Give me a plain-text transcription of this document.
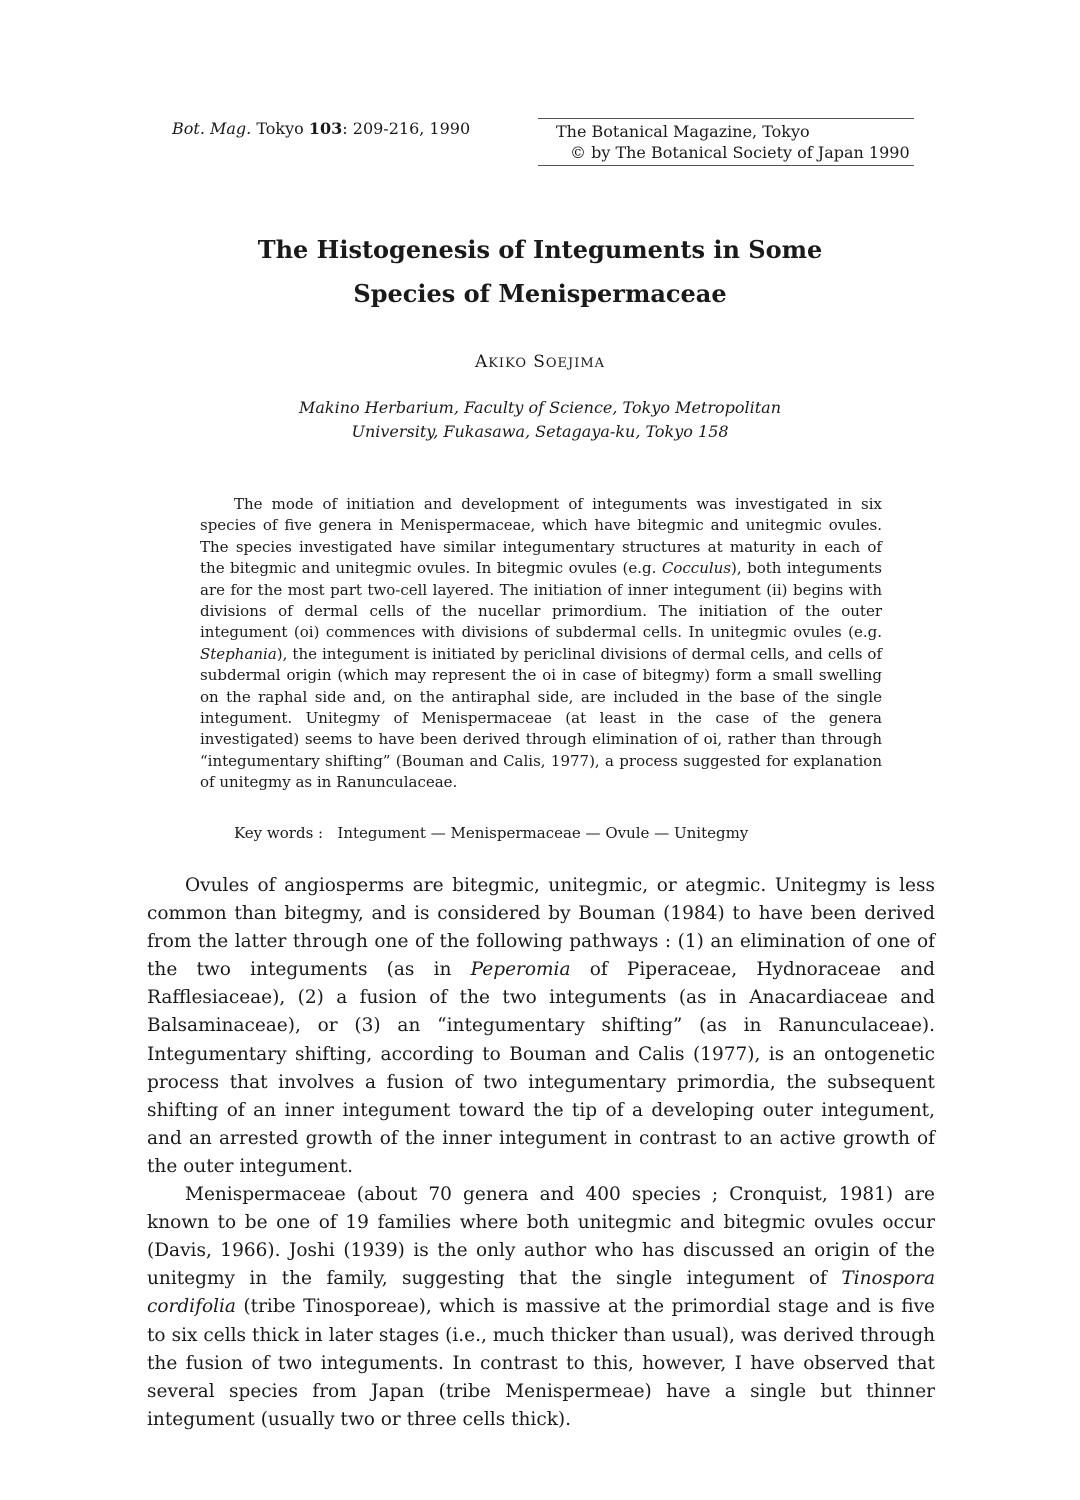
Bot. Mag. Tokyo 103: 209-216, 1990	The Botanical Magazine, Tokyo
© by The Botanical Society of Japan 1990
The Histogenesis of Integuments in Some
Species of Menispermaceae
AKIKO SOEJIMA
Makino Herbarium, Faculty of Science, Tokyo Metropolitan
University, Fukasawa, Setagaya-ku, Tokyo 158
The mode of initiation and development of integuments was investigated in six species of five genera in Menispermaceae, which have bitegmic and unitegmic ovules. The species investigated have similar integumentary structures at maturity in each of the bitegmic and unitegmic ovules. In bitegmic ovules (e.g. Cocculus), both integuments are for the most part two-cell layered. The initiation of inner integument (ii) begins with divisions of dermal cells of the nucellar primordium. The initiation of the outer integument (oi) commences with divisions of subdermal cells. In unitegmic ovules (e.g. Stephania), the integument is initiated by periclinal divisions of dermal cells, and cells of subdermal origin (which may represent the oi in case of bitegmy) form a small swelling on the raphal side and, on the antiraphal side, are included in the base of the single integument. Unitegmy of Menispermaceae (at least in the case of the genera investigated) seems to have been derived through elimination of oi, rather than through “integumentary shifting” (Bouman and Calis, 1977), a process suggested for explanation of unitegmy as in Ranunculaceae.
Key words : Integument — Menispermaceae — Ovule — Unitegmy

Ovules of angiosperms are bitegmic, unitegmic, or ategmic. Unitegmy is less common than bitegmy, and is considered by Bouman (1984) to have been derived from the latter through one of the following pathways : (1) an elimination of one of the two integuments (as in Peperomia of Piperaceae, Hydnoraceae and Rafflesiaceae), (2) a fusion of the two integuments (as in Anacardiaceae and Balsaminaceae), or (3) an “integumentary shifting” (as in Ranunculaceae). Integumentary shifting, according to Bouman and Calis (1977), is an ontogenetic process that involves a fusion of two integumentary primordia, the subsequent shifting of an inner integument toward the tip of a developing outer integument, and an arrested growth of the inner integument in contrast to an active growth of the outer integument.

Menispermaceae (about 70 genera and 400 species ; Cronquist, 1981) are known to be one of 19 families where both unitegmic and bitegmic ovules occur (Davis, 1966). Joshi (1939) is the only author who has discussed an origin of the unitegmy in the family, suggesting that the single integument of Tinospora cordifolia (tribe Tinosporeae), which is massive at the primordial stage and is five to six cells thick in later stages (i.e., much thicker than usual), was derived through the fusion of two integuments. In contrast to this, however, I have observed that several species from Japan (tribe Menispermeae) have a single but thinner integument (usually two or three cells thick).
